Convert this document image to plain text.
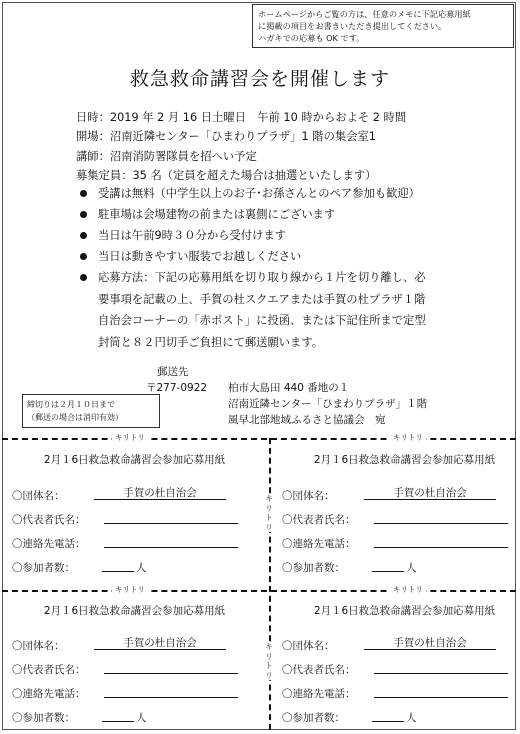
ホームページからご覧の方は、任意のメモに下記応募用紙
に掲載の項目をお書きいただき提出してください。
ハガキでの応募も OK です。
救急救命講習会を開催します
日時：2019 年 2 月 16 日土曜日　午前 10 時からおよそ 2 時間
開場：沼南近隣センター「ひまわりプラザ」1 階の集会室1
講師：沼南消防署隊員を招へい予定
募集定員：35 名（定員を超えた場合は抽選といたします）
受講は無料（中学生以上のお子･お孫さんとのペア参加も歓迎）
駐車場は会場建物の前または裏側にございます
当日は午前9時３０分から受付けます
当日は動きやすい服装でお越しください
応募方法：下記の応募用紙を切り取り線から１片を切り離し、必
要事項を記載の上、手賀の杜スクエアまたは手賀の杜プラザ１階
自治会コーナーの「赤ポスト」に投函、または下記住所まで定型
封筒と８２円切手ご負担にて郵送願います。
郵送先
〒277-0922 柏市大島田 440 番地の１
沼南近隣センター「ひまわりプラザ」１階
風早北部地域ふるさと協議会　宛
締切りは２月１０日まで
（郵送の場合は消印有効）
キリトリ	キリトリ
キリトリ	キリトリ
キ
リ
ト
リ
キ
リ
ト
リ
2月１6日救急救命講習会参加応募用紙
〇団体名：	手賀の杜自治会
〇代表者氏名：
〇連絡先電話：
〇参加者数：	人
2月１6日救急救命講習会参加応募用紙
〇団体名：	手賀の杜自治会
〇代表者氏名：
〇連絡先電話：
〇参加者数：	人
2月１6日救急救命講習会参加応募用紙
〇団体名：	手賀の杜自治会
〇代表者氏名：
〇連絡先電話：
〇参加者数：	人
2月１6日救急救命講習会参加応募用紙
〇団体名：	手賀の杜自治会
〇代表者氏名：
〇連絡先電話：
〇参加者数：	人
